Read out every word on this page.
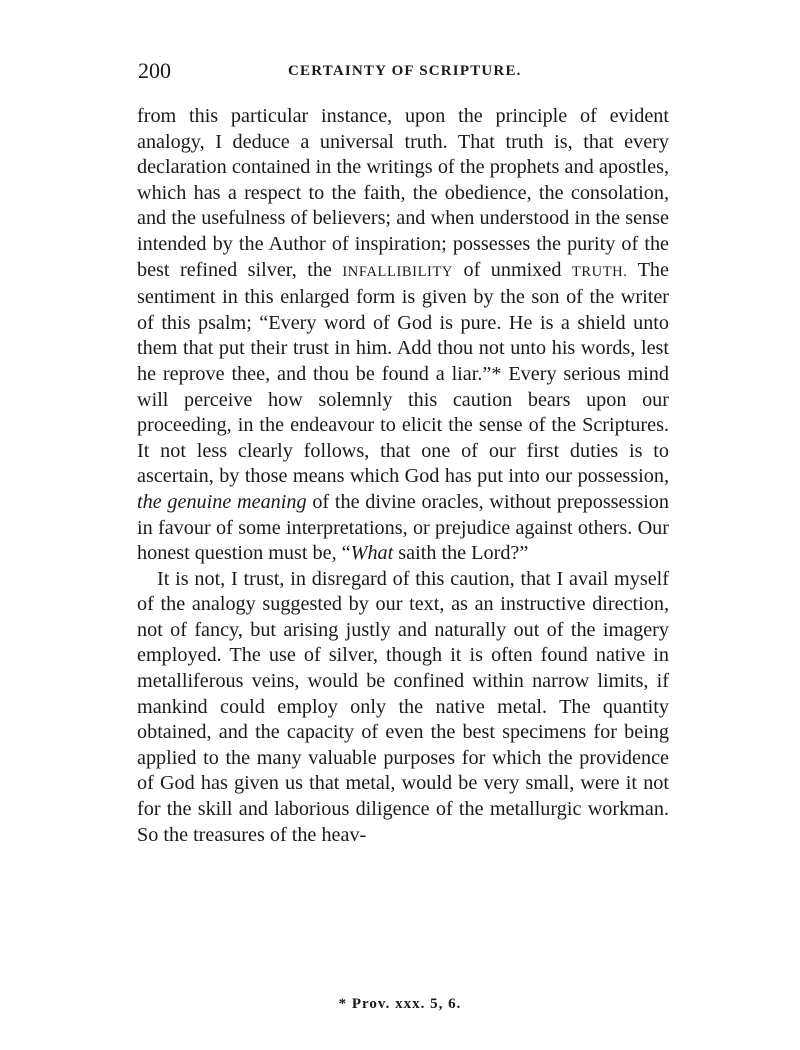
200	CERTAINTY OF SCRIPTURE.

from this particular instance, upon the principle of evident analogy, I deduce a universal truth. That truth is, that every declaration contained in the writings of the prophets and apostles, which has a respect to the faith, the obedience, the consolation, and the usefulness of believers; and when understood in the sense intended by the Author of inspiration; possesses the purity of the best refined silver, the INFALLIBILITY of unmixed TRUTH. The sentiment in this enlarged form is given by the son of the writer of this psalm; “Every word of God is pure. He is a shield unto them that put their trust in him. Add thou not unto his words, lest he reprove thee, and thou be found a liar.”* Every serious mind will perceive how solemnly this caution bears upon our proceeding, in the endeavour to elicit the sense of the Scriptures. It not less clearly follows, that one of our first duties is to ascertain, by those means which God has put into our possession, the genuine meaning of the divine oracles, without prepossession in favour of some interpretations, or prejudice against others. Our honest question must be, “What saith the Lord?”

It is not, I trust, in disregard of this caution, that I avail myself of the analogy suggested by our text, as an instructive direction, not of fancy, but arising justly and naturally out of the imagery employed. The use of silver, though it is often found native in metalliferous veins, would be confined within narrow limits, if mankind could employ only the native metal. The quantity obtained, and the capacity of even the best specimens for being applied to the many valuable purposes for which the providence of God has given us that metal, would be very small, were it not for the skill and laborious diligence of the metallurgic workman. So the treasures of the heav-

* Prov. xxx. 5, 6.
